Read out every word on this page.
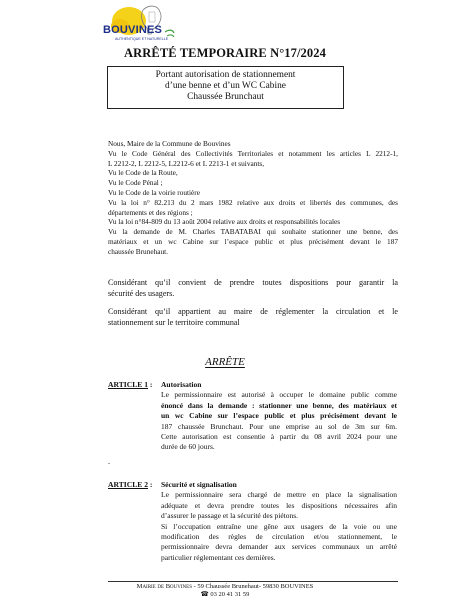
BOUVINES
AUTHENTIQUE ET NATURELLE
ARRÊTÉ TEMPORAIRE N°17/2024
Portant autorisation de stationnement
d’une benne et d’un WC Cabine
Chaussée Brunchaut
Nous, Maire de la Commune de Bouvines
Vu le Code Général des Collectivités Territoriales et notamment les articles L 2212-1,
L 2212-2, L 2212-5, L2212-6 et L 2213-1 et suivants,
Vu le Code de la Route,
Vu le Code Pénal ;
Vu le Code de la voirie routière
Vu la loi n° 82.213 du 2 mars 1982 relative aux droits et libertés des communes, des
départements et des régions ;
Vu la loi n°84-809 du 13 août 2004 relative aux droits et responsabilités locales
Vu la demande de M. Charles TABATABAI qui souhaite stationner une benne, des
matériaux et un wc Cabine sur l’espace public et plus précisément devant le 187
chaussée Brunehaut.
Considérant qu’il convient de prendre toutes dispositions pour garantir la
sécurité des usagers.
Considérant qu’il appartient au maire de réglementer la circulation et le
stationnement sur le territoire communal
ARRÊTE
ARTICLE 1 : Autorisation
Le permissionnaire est autorisé à occuper le domaine public comme
énoncé dans la demande : stationner une benne, des matériaux et
un wc Cabine sur l’espace public et plus précisément devant le
187 chaussée Brunchaut. Pour une emprise au sol de 3m sur 6m.
Cette autorisation est consentie à partir du 08 avril 2024 pour une
durée de 60 jours.
.
ARTICLE 2 : Sécurité et signalisation
Le permissionnaire sera chargé de mettre en place la signalisation
adéquate et devra prendre toutes les dispositions nécessaires afin
d’assurer le passage et la sécurité des piétons.
Si l’occupation entraîne une gêne aux usagers de la voie ou une
modification des règles de circulation et/ou stationnement, le
permissionnaire devra demander aux services communaux un arrêté
particulier réglementant ces dernières.
Mairie de Bouvines - 59 Chaussée Brunehaut- 59830 BOUVINES
☎ 03 20 41 31 59
